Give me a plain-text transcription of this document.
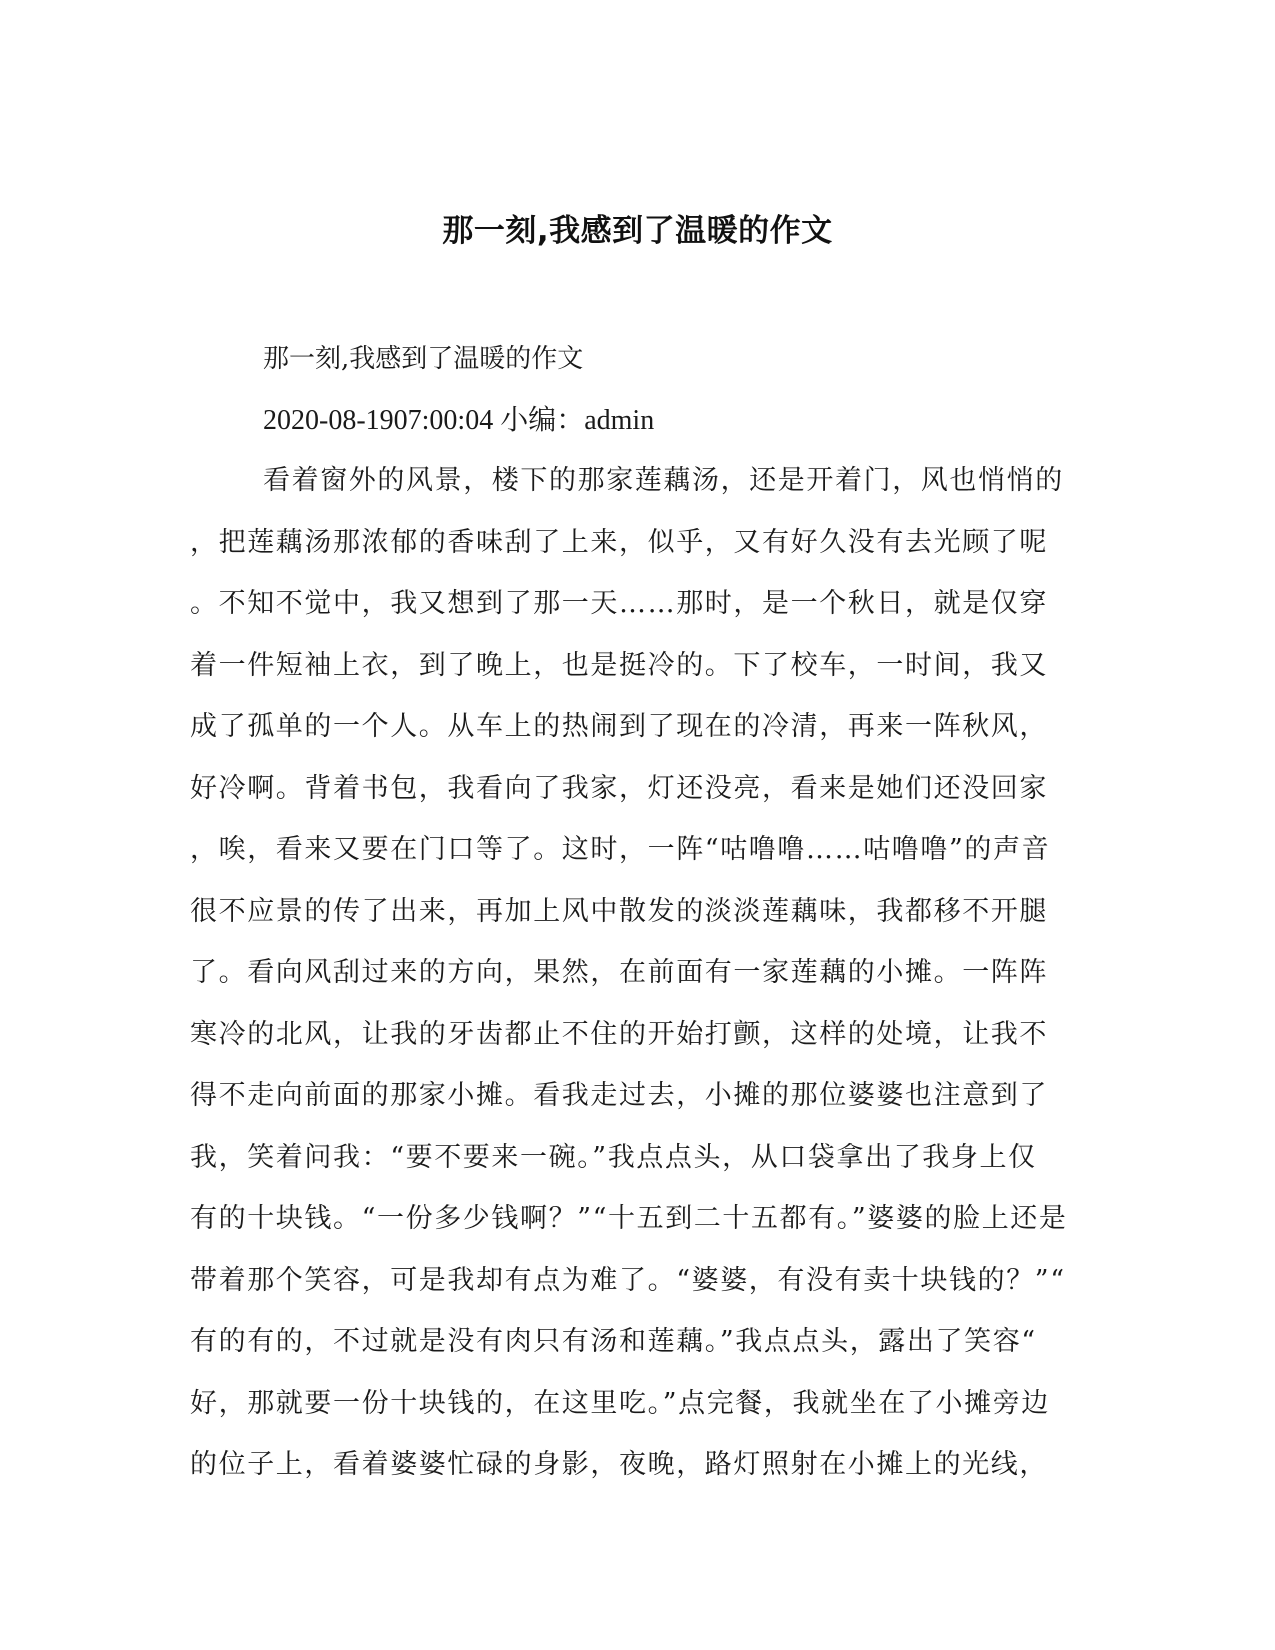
那一刻,我感到了温暖的作文
那一刻,我感到了温暖的作文
2020-08-1907:00:04 小编：admin
看着窗外的风景，楼下的那家莲藕汤，还是开着门，风也悄悄的
，把莲藕汤那浓郁的香味刮了上来，似乎，又有好久没有去光顾了呢
。不知不觉中，我又想到了那一天……那时，是一个秋日，就是仅穿
着一件短袖上衣，到了晚上，也是挺冷的。下了校车，一时间，我又
成了孤单的一个人。从车上的热闹到了现在的冷清，再来一阵秋风，
好冷啊。背着书包，我看向了我家，灯还没亮，看来是她们还没回家
，唉，看来又要在门口等了。这时，一阵“咕噜噜……咕噜噜”的声音
很不应景的传了出来，再加上风中散发的淡淡莲藕味，我都移不开腿
了。看向风刮过来的方向，果然，在前面有一家莲藕的小摊。一阵阵
寒冷的北风，让我的牙齿都止不住的开始打颤，这样的处境，让我不
得不走向前面的那家小摊。看我走过去，小摊的那位婆婆也注意到了
我，笑着问我：“要不要来一碗。”我点点头，从口袋拿出了我身上仅
有的十块钱。“一份多少钱啊？”“十五到二十五都有。”婆婆的脸上还是
带着那个笑容，可是我却有点为难了。“婆婆，有没有卖十块钱的？”“
有的有的，不过就是没有肉只有汤和莲藕。”我点点头，露出了笑容“
好，那就要一份十块钱的，在这里吃。”点完餐，我就坐在了小摊旁边
的位子上，看着婆婆忙碌的身影，夜晚，路灯照射在小摊上的光线，
